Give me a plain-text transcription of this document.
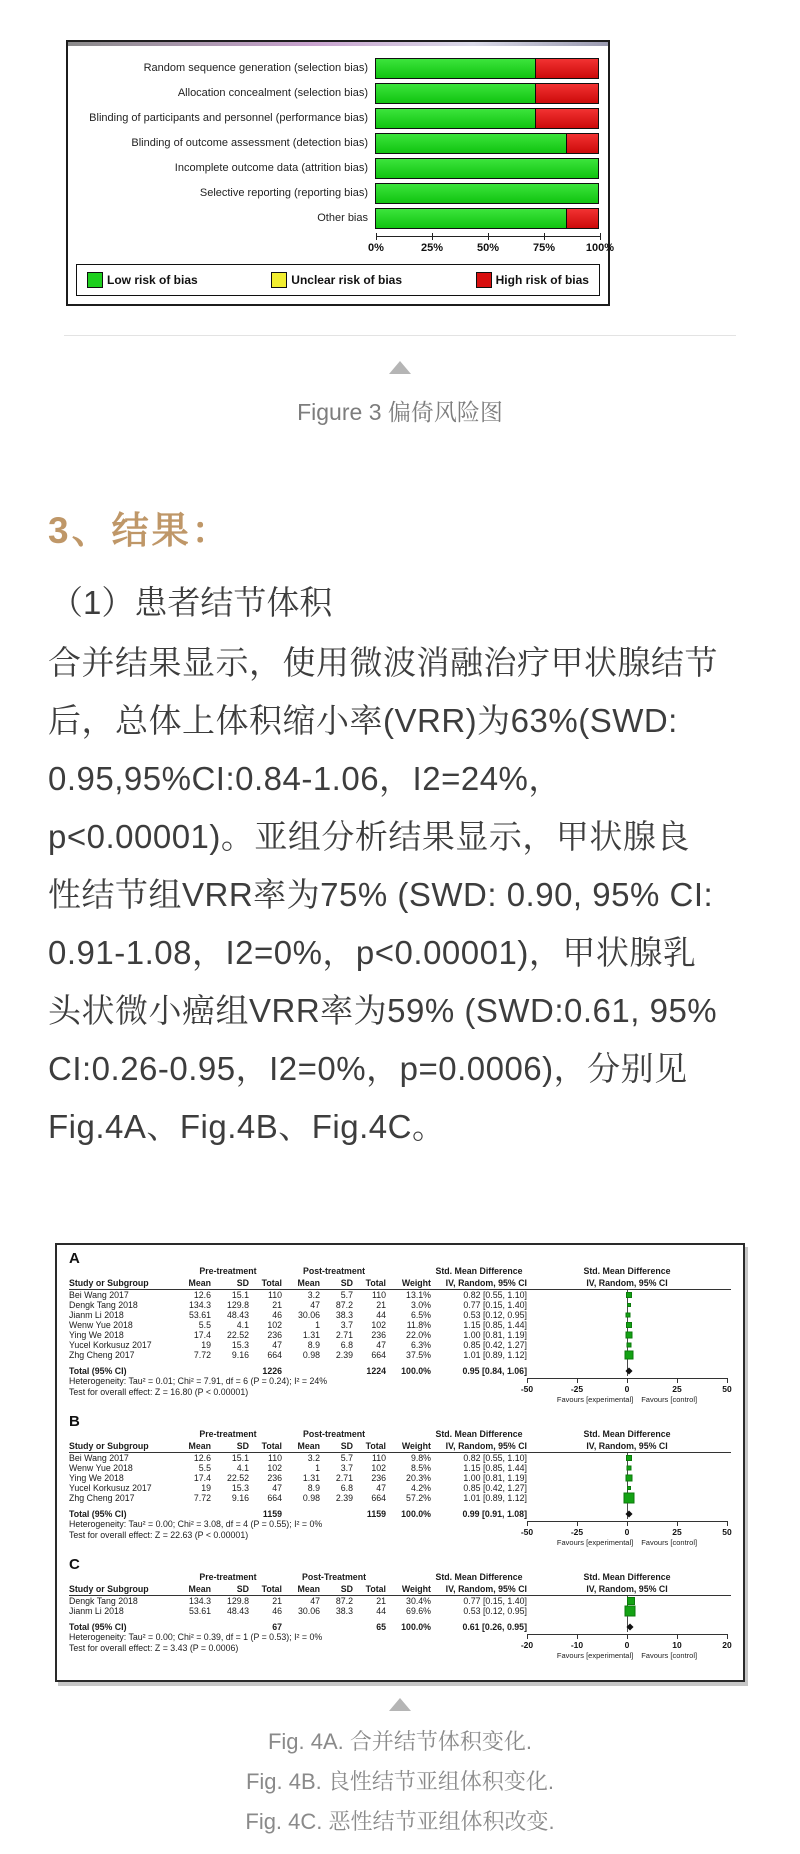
Random sequence generation (selection bias)
Allocation concealment (selection bias)
Blinding of participants and personnel (performance bias)
Blinding of outcome assessment (detection bias)
Incomplete outcome data (attrition bias)
Selective reporting (reporting bias)
Other bias
0%	25%	50%	75%	100%
Low risk of bias	Unclear risk of bias	High risk of bias
Figure 3 偏倚风险图
3、结果：
（1）患者结节体积
合并结果显示，使用微波消融治疗甲状腺结节
后，总体上体积缩小率(VRR)为63%(SWD:
0.95,95%CI:0.84-1.06，I2=24%，
p<0.00001)。亚组分析结果显示，甲状腺良
性结节组VRR率为75% (SWD: 0.90, 95% CI:
0.91-1.08，I2=0%，p<0.00001)，甲状腺乳
头状微小癌组VRR率为59% (SWD:0.61, 95%
CI:0.26-0.95，I2=0%，p=0.0006)，分别见
Fig.4A、Fig.4B、Fig.4C。
A
Pre-treatment	Post-treatment	Std. Mean Difference	Std. Mean Difference
Study or Subgroup	Mean	SD	Total	Mean	SD	Total	Weight	IV, Random, 95% CI	IV, Random, 95% CI
Bei Wang 2017	12.6	15.1	110	3.2	5.7	110	13.1%	0.82 [0.55, 1.10]
Dengk Tang 2018	134.3	129.8	21	47	87.2	21	3.0%	0.77 [0.15, 1.40]
Jianm Li 2018	53.61	48.43	46	30.06	38.3	44	6.5%	0.53 [0.12, 0.95]
Wenw Yue 2018	5.5	4.1	102	1	3.7	102	11.8%	1.15 [0.85, 1.44]
Ying We 2018	17.4	22.52	236	1.31	2.71	236	22.0%	1.00 [0.81, 1.19]
Yucel Korkusuz 2017	19	15.3	47	8.9	6.8	47	6.3%	0.85 [0.42, 1.27]
Zhg Cheng 2017	7.72	9.16	664	0.98	2.39	664	37.5%	1.01 [0.89, 1.12]
Total (95% CI)	1226	1224	100.0%	0.95 [0.84, 1.06]
Heterogeneity: Tau² = 0.01; Chi² = 7.91, df = 6 (P = 0.24); I² = 24%
Test for overall effect: Z = 16.80 (P < 0.00001)	-50	-25	0	25	50
Favours [experimental] Favours [control]
B
Pre-treatment	Post-treatment	Std. Mean Difference	Std. Mean Difference
Study or Subgroup	Mean	SD	Total	Mean	SD	Total	Weight	IV, Random, 95% CI	IV, Random, 95% CI
Bei Wang 2017	12.6	15.1	110	3.2	5.7	110	9.8%	0.82 [0.55, 1.10]
Wenw Yue 2018	5.5	4.1	102	1	3.7	102	8.5%	1.15 [0.85, 1.44]
Ying We 2018	17.4	22.52	236	1.31	2.71	236	20.3%	1.00 [0.81, 1.19]
Yucel Korkusuz 2017	19	15.3	47	8.9	6.8	47	4.2%	0.85 [0.42, 1.27]
Zhg Cheng 2017	7.72	9.16	664	0.98	2.39	664	57.2%	1.01 [0.89, 1.12]
Total (95% CI)	1159	1159	100.0%	0.99 [0.91, 1.08]
Heterogeneity: Tau² = 0.00; Chi² = 3.08, df = 4 (P = 0.55); I² = 0%
Test for overall effect: Z = 22.63 (P < 0.00001)	-50	-25	0	25	50
Favours [experimental] Favours [control]
C
Pre-treatment	Post-Treatment	Std. Mean Difference	Std. Mean Difference
Study or Subgroup	Mean	SD	Total	Mean	SD	Total	Weight	IV, Random, 95% CI	IV, Random, 95% CI
Dengk Tang 2018	134.3	129.8	21	47	87.2	21	30.4%	0.77 [0.15, 1.40]
Jianm Li 2018	53.61	48.43	46	30.06	38.3	44	69.6%	0.53 [0.12, 0.95]
Total (95% CI)	67	65	100.0%	0.61 [0.26, 0.95]
Heterogeneity: Tau² = 0.00; Chi² = 0.39, df = 1 (P = 0.53); I² = 0%
Test for overall effect: Z = 3.43 (P = 0.0006)	-20	-10	0	10	20
Favours [experimental] Favours [control]
Fig. 4A. 合并结节体积变化.
Fig. 4B. 良性结节亚组体积变化.
Fig. 4C. 恶性结节亚组体积改变.
